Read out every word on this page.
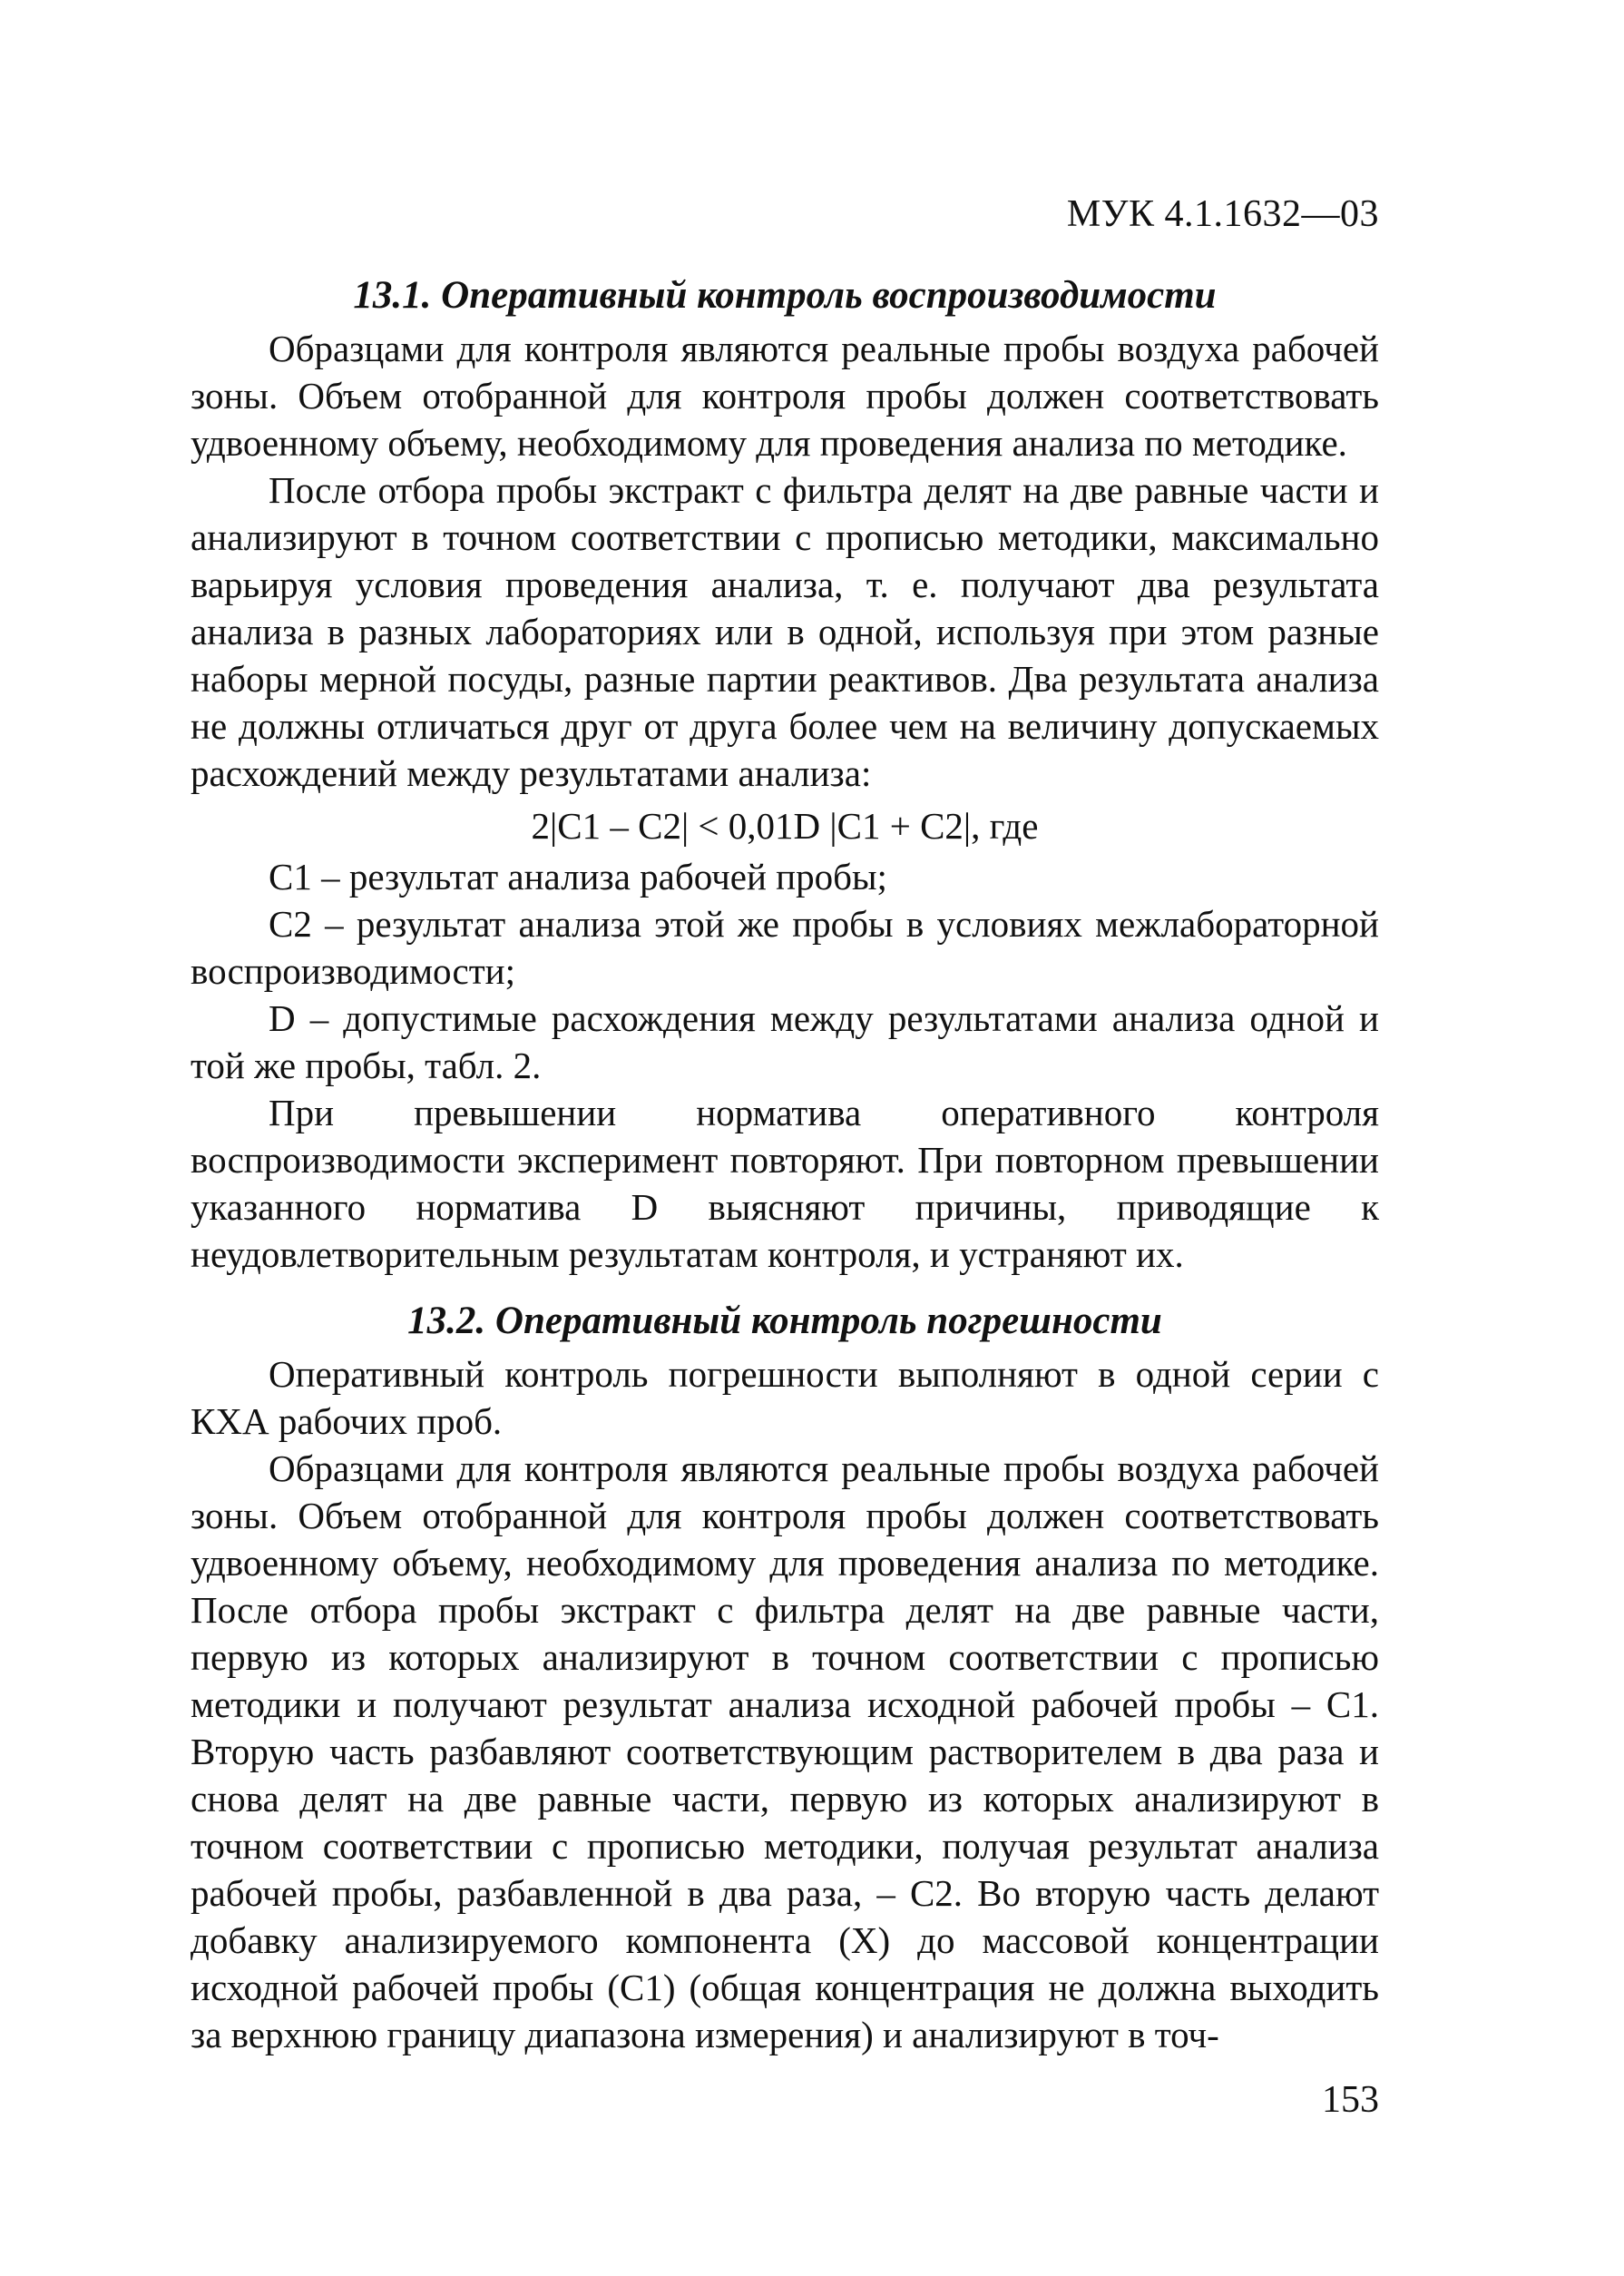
МУК 4.1.1632—03
13.1. Оперативный контроль воспроизводимости

Образцами для контроля являются реальные пробы воздуха рабочей зоны. Объем отобранной для контроля пробы должен соответствовать удвоенному объему, необходимому для проведения анализа по методике.

После отбора пробы экстракт с фильтра делят на две равные части и анализируют в точном соответствии с прописью методики, максимально варьируя условия проведения анализа, т. е. получают два результата анализа в разных лабораториях или в одной, используя при этом разные наборы мерной посуды, разные партии реактивов. Два результата анализа не должны отличаться друг от друга более чем на величину допускаемых расхождений между результатами анализа:

2|C1 – C2| < 0,01D |C1 + C2|, где

C1 – результат анализа рабочей пробы;

C2 – результат анализа этой же пробы в условиях межлабораторной воспроизводимости;

D – допустимые расхождения между результатами анализа одной и той же пробы, табл. 2.

При превышении норматива оперативного контроля воспроизводимости эксперимент повторяют. При повторном превышении указанного норматива D выясняют причины, приводящие к неудовлетворительным результатам контроля, и устраняют их.

13.2. Оперативный контроль погрешности

Оперативный контроль погрешности выполняют в одной серии с КХА рабочих проб.

Образцами для контроля являются реальные пробы воздуха рабочей зоны. Объем отобранной для контроля пробы должен соответствовать удвоенному объему, необходимому для проведения анализа по методике. После отбора пробы экстракт с фильтра делят на две равные части, первую из которых анализируют в точном соответствии с прописью методики и получают результат анализа исходной рабочей пробы – C1. Вторую часть разбавляют соответствующим растворителем в два раза и снова делят на две равные части, первую из которых анализируют в точном соответствии с прописью методики, получая результат анализа рабочей пробы, разбавленной в два раза, – C2. Во вторую часть делают добавку анализируемого компонента (X) до массовой концентрации исходной рабочей пробы (C1) (общая концентрация не должна выходить за верхнюю границу диапазона измерения) и анализируют в точ-

153
